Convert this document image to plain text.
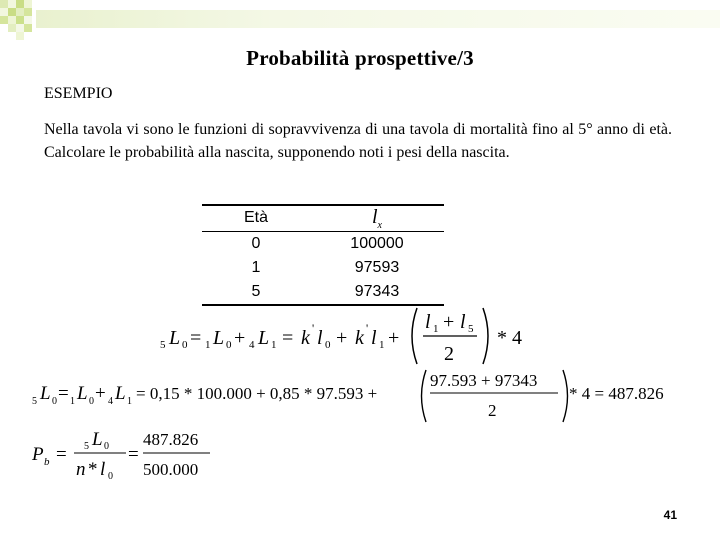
Probabilità prospettive/3
ESEMPIO
Nella tavola vi sono le funzioni di sopravvivenza di una tavola di mortalità fino al 5° anno di età. Calcolare le probabilità alla nascita, supponendo noti i pesi della nascita.
Età	$l_x$
0	100000
1	97593
5	97343
5 L 0 = 1 L 0 + 4 L 1 = k ' l 0 + k ' l 1 +
l 1 + l 5
2
* 4
5 L 0 = 1 L 0 + 4 L 1 = 0,15 * 100.000 + 0,85 * 97.593 +
97.593 + 97343
2
* 4 = 487.826
P b = 5 L 0
n * l 0
=
487.826
500.000
41
